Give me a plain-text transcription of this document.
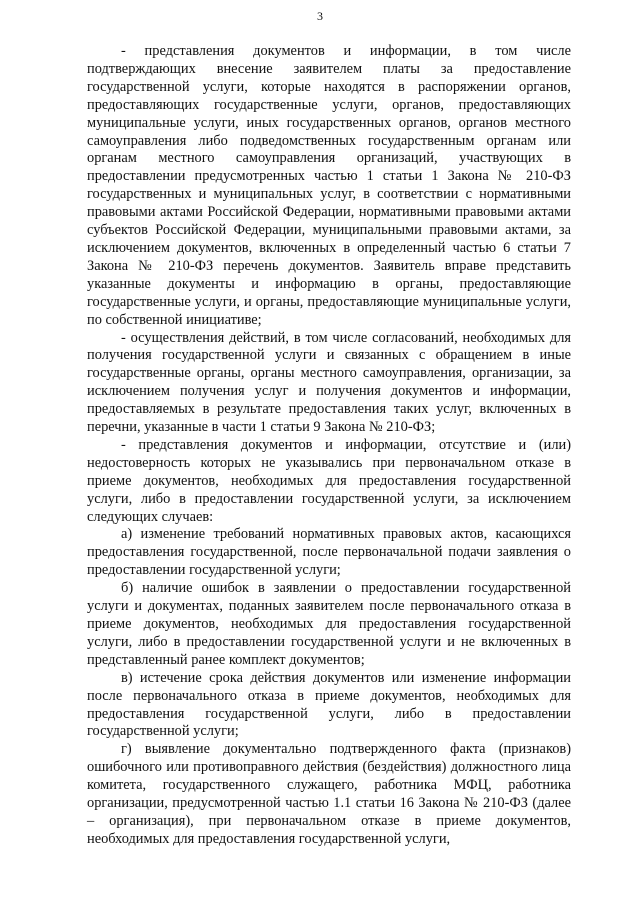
3

- представления документов и информации, в том числе подтверждающих внесение заявителем платы за предоставление государственной услуги, которые находятся в распоряжении органов, предоставляющих государственные услуги, органов, предоставляющих муниципальные услуги, иных государственных органов, органов местного самоуправления либо подведомственных государственным органам или органам местного самоуправления организаций, участвующих в предоставлении предусмотренных частью 1 статьи 1 Закона № 210-ФЗ государственных и муниципальных услуг, в соответствии с нормативными правовыми актами Российской Федерации, нормативными правовыми актами субъектов Российской Федерации, муниципальными правовыми актами, за исключением документов, включенных в определенный частью 6 статьи 7 Закона № 210-ФЗ перечень документов. Заявитель вправе представить указанные документы и информацию в органы, предоставляющие государственные услуги, и органы, предоставляющие муниципальные услуги, по собственной инициативе;

- осуществления действий, в том числе согласований, необходимых для получения государственной услуги и связанных с обращением в иные государственные органы, органы местного самоуправления, организации, за исключением получения услуг и получения документов и информации, предоставляемых в результате предоставления таких услуг, включенных в перечни, указанные в части 1 статьи 9 Закона № 210-ФЗ;

- представления документов и информации, отсутствие и (или) недостоверность которых не указывались при первоначальном отказе в приеме документов, необходимых для предоставления государственной услуги, либо в предоставлении государственной услуги, за исключением следующих случаев:

а) изменение требований нормативных правовых актов, касающихся предоставления государственной, после первоначальной подачи заявления о предоставлении государственной услуги;

б) наличие ошибок в заявлении о предоставлении государственной услуги и документах, поданных заявителем после первоначального отказа в приеме документов, необходимых для предоставления государственной услуги, либо в предоставлении государственной услуги и не включенных в представленный ранее комплект документов;

в) истечение срока действия документов или изменение информации после первоначального отказа в приеме документов, необходимых для предоставления государственной услуги, либо в предоставлении государственной услуги;

г) выявление документально подтвержденного факта (признаков) ошибочного или противоправного действия (бездействия) должностного лица комитета, государственного служащего, работника МФЦ, работника организации, предусмотренной частью 1.1 статьи 16 Закона № 210-ФЗ (далее – организация), при первоначальном отказе в приеме документов, необходимых для предоставления государственной услуги,
